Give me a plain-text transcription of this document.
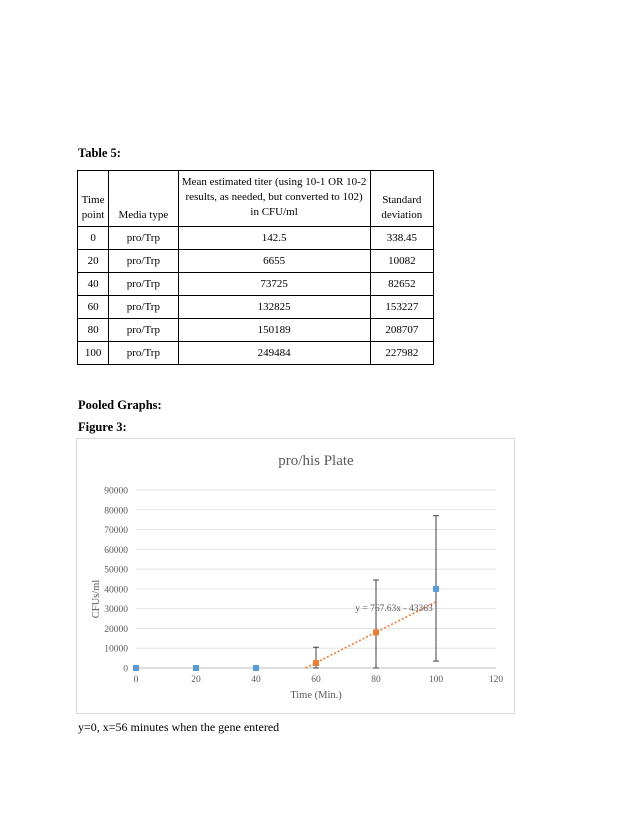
Table 5:
Time point	Media type	Mean estimated titer (using 10-1 OR 10-2 results, as needed, but converted to 102) in CFU/ml	Standard deviation
0	pro/Trp	142.5	338.45
20	pro/Trp	6655	10082
40	pro/Trp	73725	82652
60	pro/Trp	132825	153227
80	pro/Trp	150189	208707
100	pro/Trp	249484	227982
Pooled Graphs:
Figure 3:
0
10000
20000
30000
40000
50000
60000
70000
80000
90000
0	20	40	60	80	100	120
pro/his Plate
Time (Min.)
CFUs/ml	y = 767.63x - 43363
y=0, x=56 minutes when the gene entered
